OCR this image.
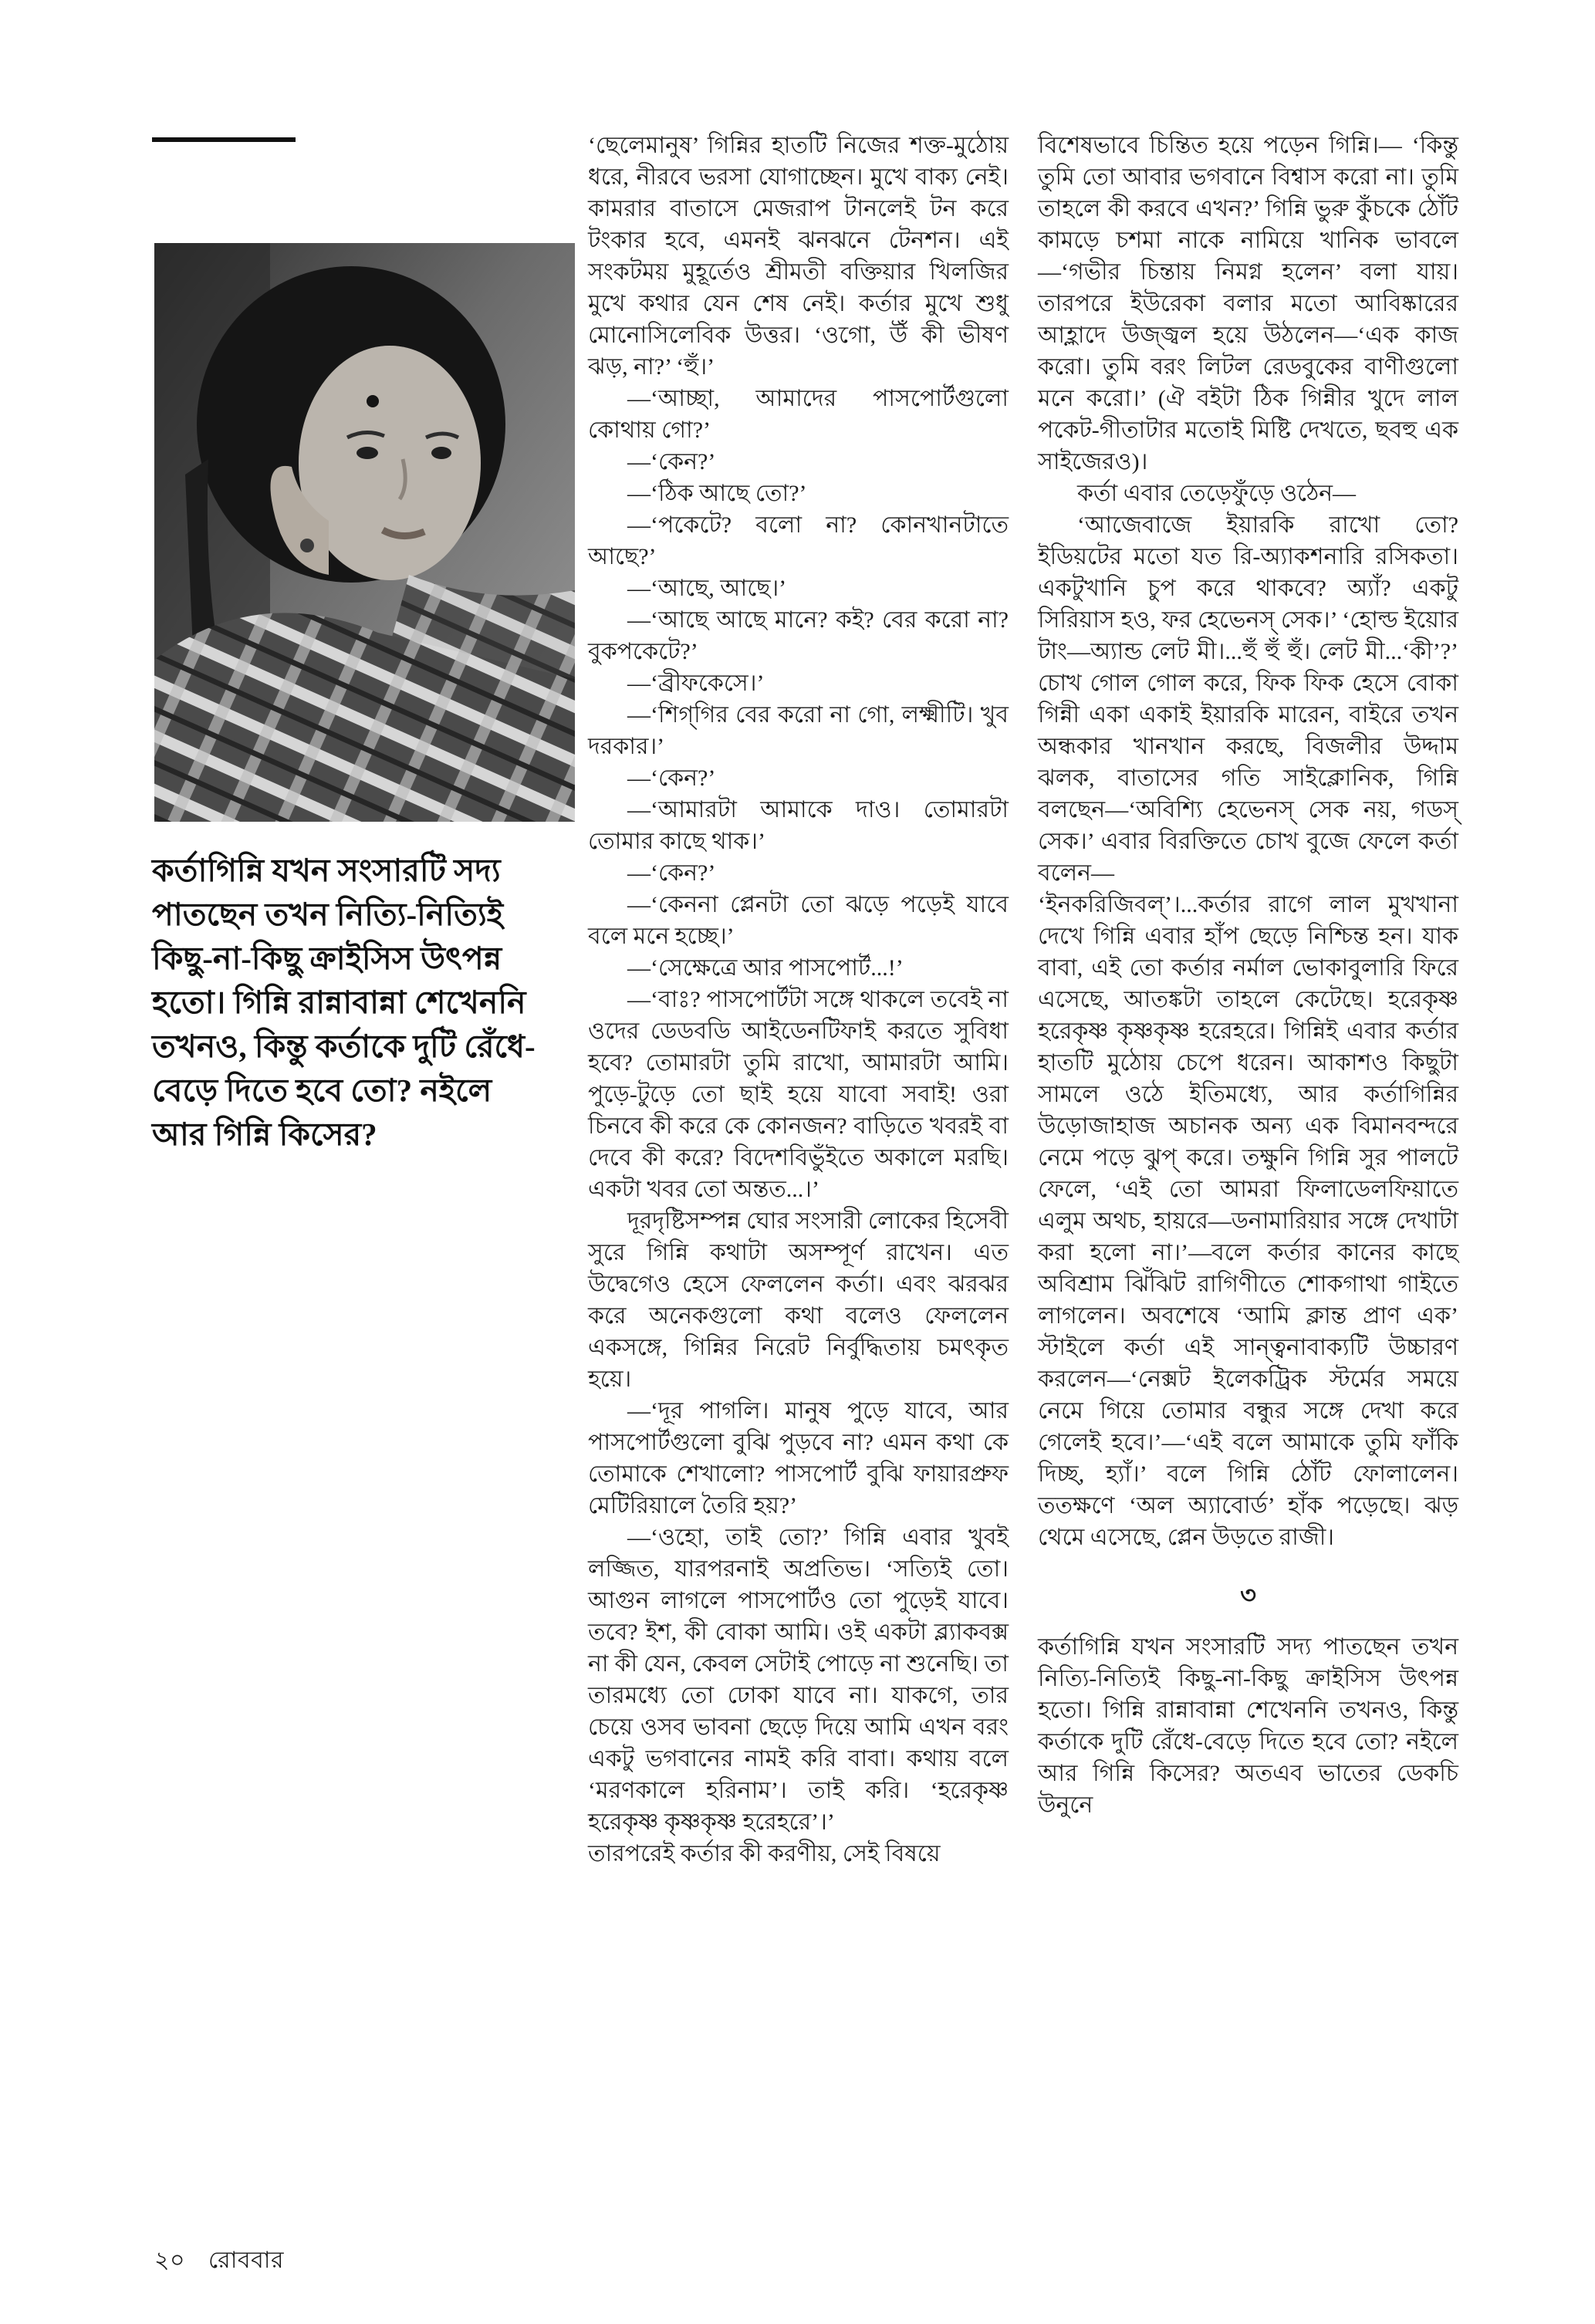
কর্তাগিন্নি যখন সংসারটি সদ্য পাতছেন তখন নিত্যি-নিত্যিই কিছু-না-কিছু ক্রাইসিস উৎপন্ন হতো। গিন্নি রান্নাবান্না শেখেননি তখনও, কিন্তু কর্তাকে দুটি রেঁধে-বেড়ে দিতে হবে তো? নইলে আর গিন্নি কিসের?

‘ছেলেমানুষ’ গিন্নির হাতটি নিজের শক্ত-মুঠোয় ধরে, নীরবে ভরসা যোগাচ্ছেন। মুখে বাক্য নেই। কামরার বাতাসে মেজরাপ টানলেই টন করে টংকার হবে, এমনই ঝনঝনে টেনশন। এই সংকটময় মুহূর্তেও শ্রীমতী বক্তিয়ার খিলজির মুখে কথার যেন শেষ নেই। কর্তার মুখে শুধু মোনোসিলেবিক উত্তর। ‘ওগো, উঁ কী ভীষণ ঝড়, না?’ ‘হুঁ।’

—‘আচ্ছা, আমাদের পাসপোর্টগুলো কোথায় গো?’

—‘কেন?’

—‘ঠিক আছে তো?’

—‘পকেটে? বলো না? কোনখানটাতে আছে?’

—‘আছে, আছে।’

—‘আছে আছে মানে? কই? বের করো না? বুকপকেটে?’

—‘ব্রীফকেসে।’

—‘শিগ্‌গির বের করো না গো, লক্ষ্মীটি। খুব দরকার।’

—‘কেন?’

—‘আমারটা আমাকে দাও। তোমারটা তোমার কাছে থাক।’

—‘কেন?’

—‘কেননা প্লেনটা তো ঝড়ে পড়েই যাবে বলে মনে হচ্ছে।’

—‘সেক্ষেত্রে আর পাসপোর্ট...!’

—‘বাঃ? পাসপোর্টটা সঙ্গে থাকলে তবেই না ওদের ডেডবডি আইডেনটিফাই করতে সুবিধা হবে? তোমারটা তুমি রাখো, আমারটা আমি। পুড়ে-টুড়ে তো ছাই হয়ে যাবো সবাই! ওরা চিনবে কী করে কে কোনজন? বাড়িতে খবরই বা দেবে কী করে? বিদেশবিভুঁইতে অকালে মরছি। একটা খবর তো অন্তত...।’

দূরদৃষ্টিসম্পন্ন ঘোর সংসারী লোকের হিসেবী সুরে গিন্নি কথাটা অসম্পূর্ণ রাখেন। এত উদ্বেগেও হেসে ফেললেন কর্তা। এবং ঝরঝর করে অনেকগুলো কথা বলেও ফেললেন একসঙ্গে, গিন্নির নিরেট নির্বুদ্ধিতায় চমৎকৃত হয়ে।

—‘দূর পাগলি। মানুষ পুড়ে যাবে, আর পাসপোর্টগুলো বুঝি পুড়বে না? এমন কথা কে তোমাকে শেখালো? পাসপোর্ট বুঝি ফায়ারপ্রুফ মেটিরিয়ালে তৈরি হয়?’

—‘ওহো, তাই তো?’ গিন্নি এবার খুবই লজ্জিত, যারপরনাই অপ্রতিভ। ‘সত্যিই তো। আগুন লাগলে পাসপোর্টও তো পুড়েই যাবে। তবে? ইশ, কী বোকা আমি। ওই একটা ব্ল্যাকবক্স না কী যেন, কেবল সেটাই পোড়ে না শুনেছি। তা তারমধ্যে তো ঢোকা যাবে না। যাকগে, তার চেয়ে ওসব ভাবনা ছেড়ে দিয়ে আমি এখন বরং একটু ভগবানের নামই করি বাবা। কথায় বলে ‘মরণকালে হরিনাম’। তাই করি। ‘হরেকৃষ্ণ হরেকৃষ্ণ কৃষ্ণকৃষ্ণ হরেহরে’।’

তারপরেই কর্তার কী করণীয়, সেই বিষয়ে

বিশেষভাবে চিন্তিত হয়ে পড়েন গিন্নি।— ‘কিন্তু তুমি তো আবার ভগবানে বিশ্বাস করো না। তুমি তাহলে কী করবে এখন?’ গিন্নি ভুরু কুঁচকে ঠোঁট কামড়ে চশমা নাকে নামিয়ে খানিক ভাবলে—‘গভীর চিন্তায় নিমগ্ন হলেন’ বলা যায়। তারপরে ইউরেকা বলার মতো আবিষ্কারের আহ্লাদে উজ্জ্বল হয়ে উঠলেন—‘এক কাজ করো। তুমি বরং লিটল রেডবুকের বাণীগুলো মনে করো।’ (ঐ বইটা ঠিক গিন্নীর খুদে লাল পকেট-গীতাটার মতোই মিষ্টি দেখতে, ছবহু এক সাইজেরও)।

কর্তা এবার তেড়েফুঁড়ে ওঠেন—

‘আজেবাজে ইয়ারকি রাখো তো? ইডিয়টের মতো যত রি-অ্যাকশনারি রসিকতা। একটুখানি চুপ করে থাকবে? অ্যাঁ? একটু সিরিয়াস হও, ফর হেভেনস্‌ সেক।’ ‘হোল্ড ইয়োর টাং—অ্যান্ড লেট মী।...হুঁ হুঁ হুঁ। লেট মী...‘কী’?’ চোখ গোল গোল করে, ফিক ফিক হেসে বোকা গিন্নী একা একাই ইয়ারকি মারেন, বাইরে তখন অন্ধকার খানখান করছে, বিজলীর উদ্দাম ঝলক, বাতাসের গতি সাইক্লোনিক, গিন্নি বলছেন—‘অবিশ্যি হেভেনস্‌ সেক নয়, গডস্‌ সেক।’ এবার বিরক্তিতে চোখ বুজে ফেলে কর্তা বলেন—

‘ইনকরিজিবল্‌’।...কর্তার রাগে লাল মুখখানা দেখে গিন্নি এবার হাঁপ ছেড়ে নিশ্চিন্ত হন। যাক বাবা, এই তো কর্তার নর্মাল ভোকাবুলারি ফিরে এসেছে, আতঙ্কটা তাহলে কেটেছে। হরেকৃষ্ণ হরেকৃষ্ণ কৃষ্ণকৃষ্ণ হরেহরে। গিন্নিই এবার কর্তার হাতটি মুঠোয় চেপে ধরেন। আকাশও কিছুটা সামলে ওঠে ইতিমধ্যে, আর কর্তাগিন্নির উড়োজাহাজ অচানক অন্য এক বিমানবন্দরে নেমে পড়ে ঝুপ্‌ করে। তক্ষুনি গিন্নি সুর পালটে ফেলে, ‘এই তো আমরা ফিলাডেলফিয়াতে এলুম অথচ, হায়রে—ডনামারিয়ার সঙ্গে দেখাটা করা হলো না।’—বলে কর্তার কানের কাছে অবিশ্রাম ঝিঁঝিট রাগিণীতে শোকগাথা গাইতে লাগলেন। অবশেষে ‘আমি ক্লান্ত প্রাণ এক’ স্টাইলে কর্তা এই সান্ত্বনাবাক্যটি উচ্চারণ করলেন—‘নেক্সট ইলেকট্রিক স্টর্মের সময়ে নেমে গিয়ে তোমার বন্ধুর সঙ্গে দেখা করে গেলেই হবে।’—‘এই বলে আমাকে তুমি ফাঁকি দিচ্ছ, হ্যাঁ।’ বলে গিন্নি ঠোঁট ফোলালেন। ততক্ষণে ‘অল অ্যাবোর্ড’ হাঁক পড়েছে। ঝড় থেমে এসেছে, প্লেন উড়তে রাজী।

৩

কর্তাগিন্নি যখন সংসারটি সদ্য পাতছেন তখন নিত্যি-নিত্যিই কিছু-না-কিছু ক্রাইসিস উৎপন্ন হতো। গিন্নি রান্নাবান্না শেখেননি তখনও, কিন্তু কর্তাকে দুটি রেঁধে-বেড়ে দিতে হবে তো? নইলে আর গিন্নি কিসের? অতএব ভাতের ডেকচি উনুনে

২০ রোববার
